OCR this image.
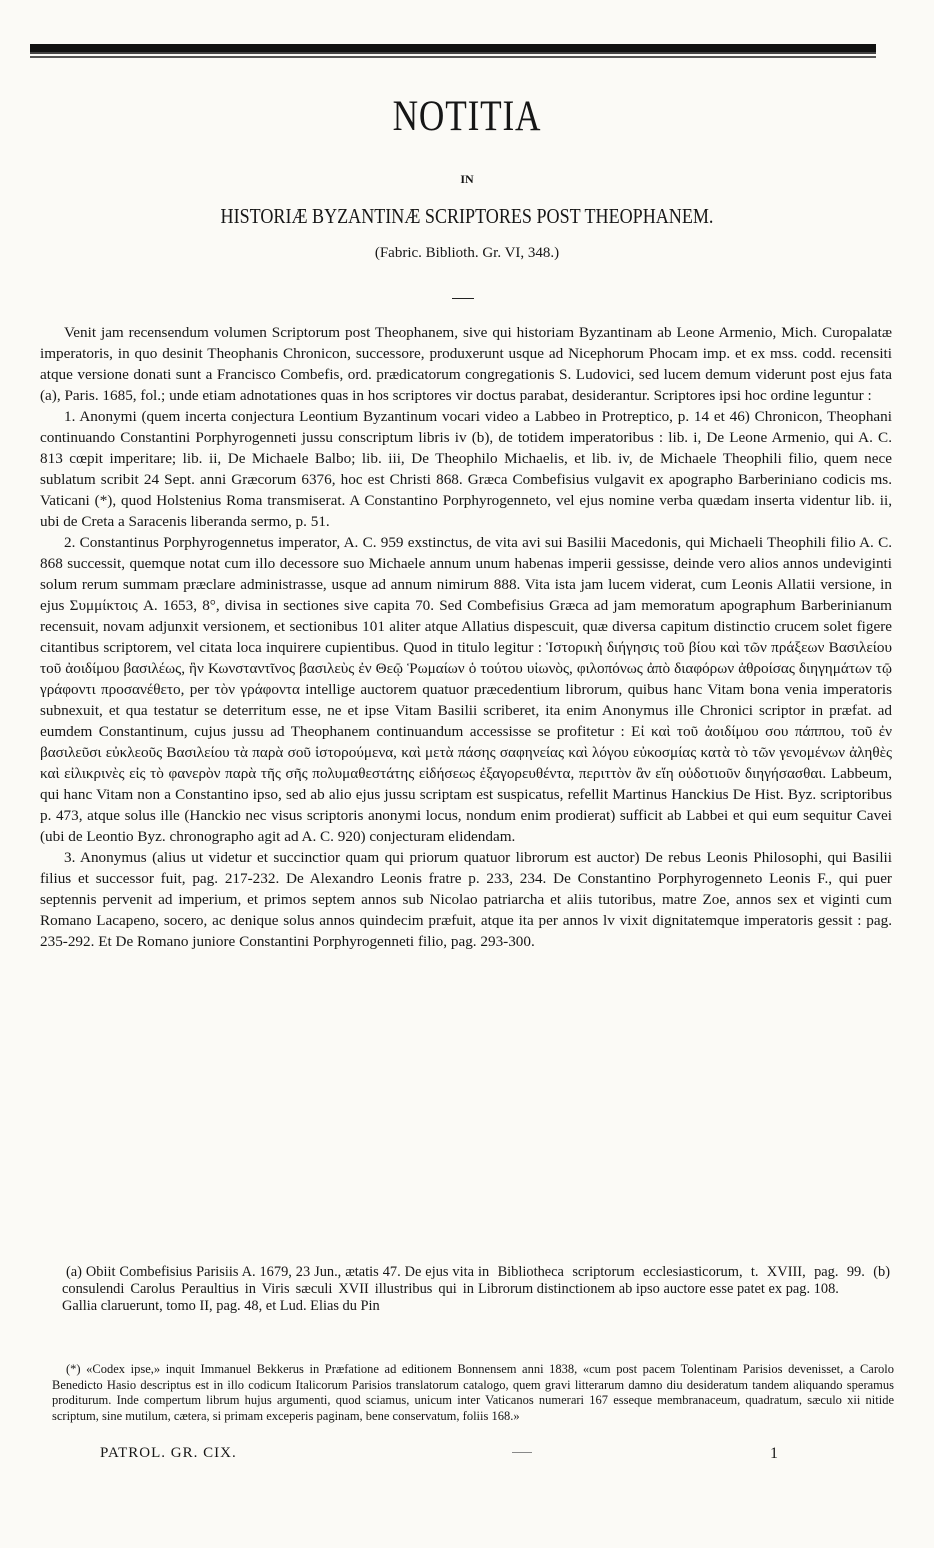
NOTITIA
IN
HISTORIÆ BYZANTINÆ SCRIPTORES POST THEOPHANEM.
(Fabric. Biblioth. Gr. VI, 348.)

Venit jam recensendum volumen Scriptorum post Theophanem, sive qui historiam Byzantinam ab Leone Armenio, Mich. Curopalatæ imperatoris, in quo desinit Theophanis Chronicon, successore, produxerunt usque ad Nicephorum Phocam imp. et ex mss. codd. recensiti atque versione donati sunt a Francisco Combefis, ord. prædicatorum congregationis S. Ludovici, sed lucem demum viderunt post ejus fata (a), Paris. 1685, fol.; unde etiam adnotationes quas in hos scriptores vir doctus parabat, desiderantur. Scriptores ipsi hoc ordine leguntur :

1. Anonymi (quem incerta conjectura Leontium Byzantinum vocari video a Labbeo in Protreptico, p. 14 et 46) Chronicon, Theophani continuando Constantini Porphyrogenneti jussu conscriptum libris iv (b), de totidem imperatoribus : lib. i, De Leone Armenio, qui A. C. 813 cœpit imperitare; lib. ii, De Michaele Balbo; lib. iii, De Theophilo Michaelis, et lib. iv, de Michaele Theophili filio, quem nece sublatum scribit 24 Sept. anni Græcorum 6376, hoc est Christi 868. Græca Combefisius vulgavit ex apographo Barberiniano codicis ms. Vaticani (*), quod Holstenius Roma transmiserat. A Constantino Porphyrogenneto, vel ejus nomine verba quædam inserta videntur lib. ii, ubi de Creta a Saracenis liberanda sermo, p. 51.

2. Constantinus Porphyrogennetus imperator, A. C. 959 exstinctus, de vita avi sui Basilii Macedonis, qui Michaeli Theophili filio A. C. 868 successit, quemque notat cum illo decessore suo Michaele annum unum habenas imperii gessisse, deinde vero alios annos undeviginti solum rerum summam præclare administrasse, usque ad annum nimirum 888. Vita ista jam lucem viderat, cum Leonis Allatii versione, in ejus Συμμίκτοις A. 1653, 8°, divisa in sectiones sive capita 70. Sed Combefisius Græca ad jam memoratum apographum Barberinianum recensuit, novam adjunxit versionem, et sectionibus 101 aliter atque Allatius dispescuit, quæ diversa capitum distinctio crucem solet figere citantibus scriptorem, vel citata loca inquirere cupientibus. Quod in titulo legitur : Ἱστορικὴ διήγησις τοῦ βίου καὶ τῶν πράξεων Βασιλείου τοῦ ἀοιδίμου βασιλέως, ἣν Κωνσταντῖνος βασιλεὺς ἐν Θεῷ Ῥωμαίων ὁ τούτου υἱωνὸς, φιλοπόνως ἀπὸ διαφόρων ἀθροίσας διηγημάτων τῷ γράφοντι προσανέθετο, per τὸν γράφοντα intellige auctorem quatuor præcedentium librorum, quibus hanc Vitam bona venia imperatoris subnexuit, et qua testatur se deterritum esse, ne et ipse Vitam Basilii scriberet, ita enim Anonymus ille Chronici scriptor in præfat. ad eumdem Constantinum, cujus jussu ad Theophanem continuandum accessisse se profitetur : Εἰ καὶ τοῦ ἀοιδίμου σου πάππου, τοῦ ἐν βασιλεῦσι εὐκλεοῦς Βασιλείου τὰ παρὰ σοῦ ἱστορούμενα, καὶ μετὰ πάσης σαφηνείας καὶ λόγου εὐκοσμίας κατὰ τὸ τῶν γενομένων ἀληθὲς καὶ εἰλικρινὲς εἰς τὸ φανερὸν παρὰ τῆς σῆς πολυμαθεστάτης εἰδήσεως ἐξαγορευθέντα, περιττὸν ἂν εἴη οὐδοτιοῦν διηγήσασθαι. Labbeum, qui hanc Vitam non a Constantino ipso, sed ab alio ejus jussu scriptam est suspicatus, refellit Martinus Hanckius De Hist. Byz. scriptoribus p. 473, atque solus ille (Hanckio nec visus scriptoris anonymi locus, nondum enim prodierat) sufficit ab Labbei et qui eum sequitur Cavei (ubi de Leontio Byz. chronographo agit ad A. C. 920) conjecturam elidendam.

3. Anonymus (alius ut videtur et succinctior quam qui priorum quatuor librorum est auctor) De rebus Leonis Philosophi, qui Basilii filius et successor fuit, pag. 217-232. De Alexandro Leonis fratre p. 233, 234. De Constantino Porphyrogenneto Leonis F., qui puer septennis pervenit ad imperium, et primos septem annos sub Nicolao patriarcha et aliis tutoribus, matre Zoe, annos sex et viginti cum Romano Lacapeno, socero, ac denique solus annos quindecim præfuit, atque ita per annos lv vixit dignitatemque imperatoris gessit : pag. 235-292. Et De Romano juniore Constantini Porphyrogenneti filio, pag. 293-300.

(a) Obiit Combefisius Parisiis A. 1679, 23 Jun., ætatis 47. De ejus vita consulendi Carolus Peraultius in Viris sæculi XVII illustribus qui in Gallia claruerunt, tomo II, pag. 48, et Lud. Elias du Pin
in Bibliotheca scriptorum ecclesiasticorum, t. XVIII, pag. 99. (b) Librorum distinctionem ab ipso auctore esse patet ex pag. 108.
(*) «Codex ipse,» inquit Immanuel Bekkerus in Præfatione ad editionem Bonnensem anni 1838, «cum post pacem Tolentinam Parisios devenisset, a Carolo Benedicto Hasio descriptus est in illo codicum Italicorum Parisios translatorum catalogo, quem gravi litterarum damno diu desideratum tandem aliquando speramus proditurum. Inde compertum librum hujus argumenti, quod sciamus, unicum inter Vaticanos numerari 167 esseque membranaceum, quadratum, sæculo xii nitide scriptum, sine mutilum, cætera, si primam exceperis paginam, bene conservatum, foliis 168.»
PATROL. GR. CIX.	1
